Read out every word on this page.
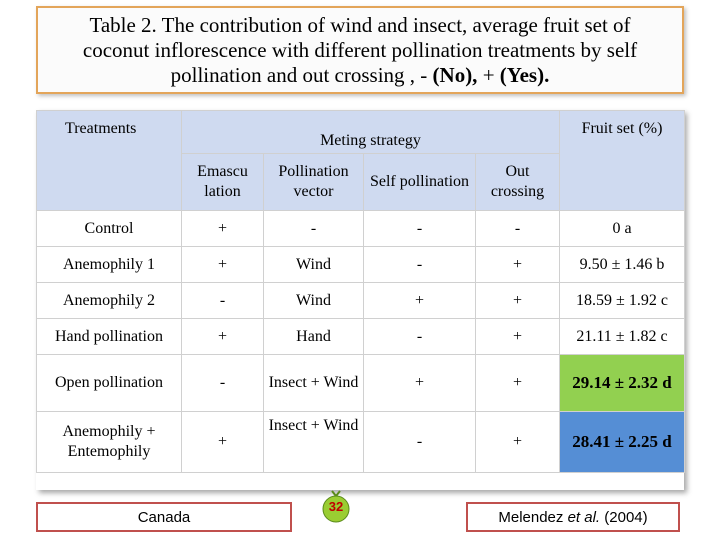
Table 2. The contribution of wind and insect, average fruit set of coconut inflorescence with different pollination treatments by self pollination and out crossing , - (No), + (Yes).
Treatments	Meting strategy				Fruit set (%)
	Emascu lation	Pollination vector	Self pollination	Out crossing	
Control	+	-	-	-	0 a
Anemophily 1	+	Wind	-	+	9.50 ± 1.46 b
Anemophily 2	-	Wind	+	+	18.59 ± 1.92 c
Hand pollination	+	Hand	-	+	21.11 ± 1.82 c
Open pollination	-	Insect + Wind	+	+	29.14 ± 2.32 d
Anemophily + Entemophily	+	Insect + Wind	-	+	28.41 ± 2.25 d
Canada
32
Melendez et al. (2004)
